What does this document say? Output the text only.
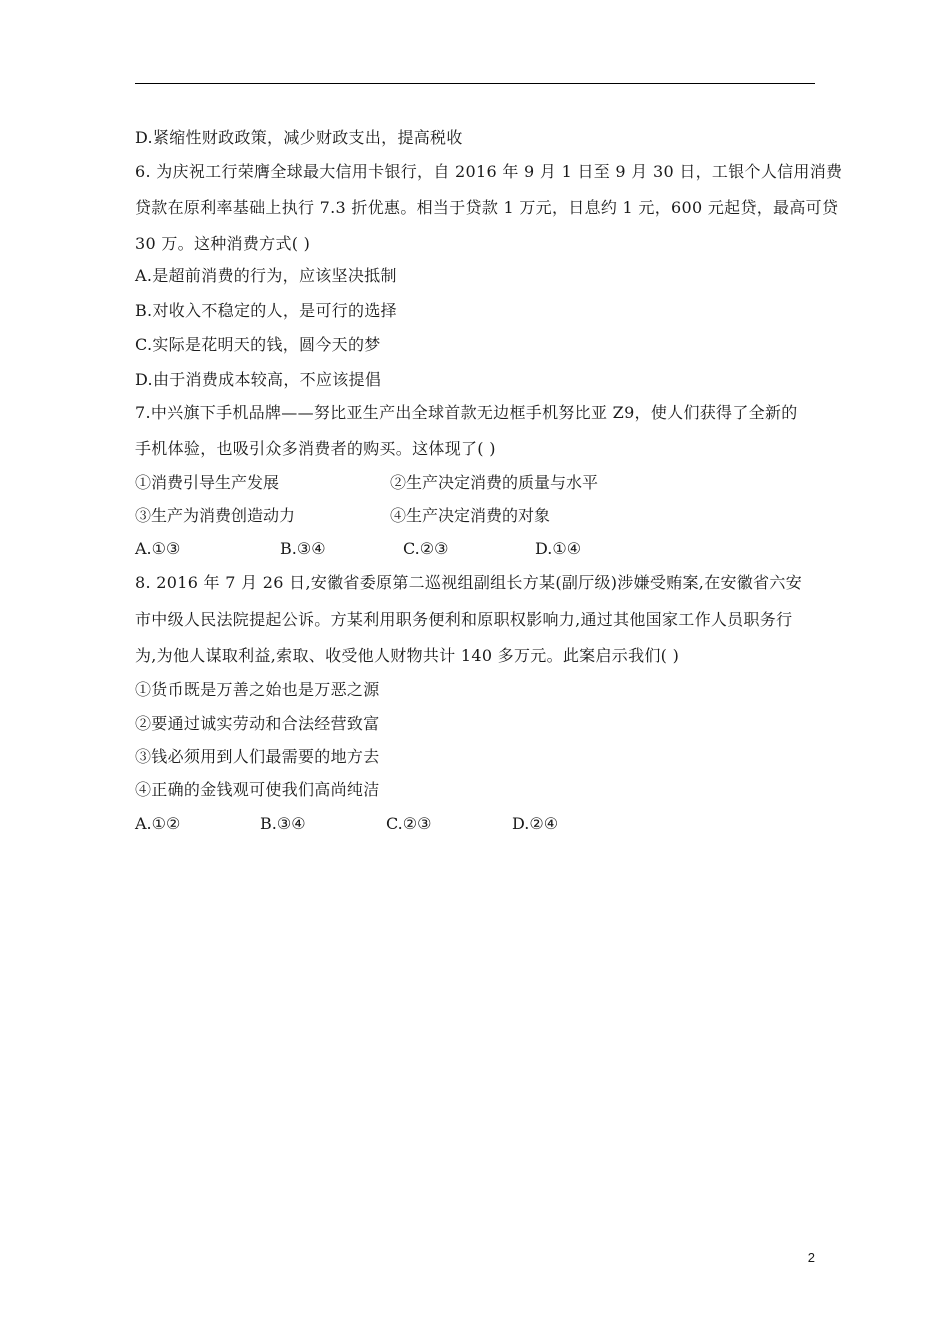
D.紧缩性财政政策，减少财政支出，提高税收
6. 为庆祝工行荣膺全球最大信用卡银行，自 2016 年 9 月 1 日至 9 月 30 日，工银个人信用消费
贷款在原利率基础上执行 7.3 折优惠。相当于贷款 1 万元，日息约 1 元，600 元起贷，最高可贷
30 万。这种消费方式( )
A.是超前消费的行为，应该坚决抵制
B.对收入不稳定的人，是可行的选择
C.实际是花明天的钱，圆今天的梦
D.由于消费成本较高，不应该提倡
7.中兴旗下手机品牌——努比亚生产出全球首款无边框手机努比亚 Z9，使人们获得了全新的
手机体验，也吸引众多消费者的购买。这体现了( )
①消费引导生产发展	②生产决定消费的质量与水平
③生产为消费创造动力	④生产决定消费的对象
A.①③	B.③④	C.②③	D.①④
8. 2016 年 7 月 26 日,安徽省委原第二巡视组副组长方某(副厅级)涉嫌受贿案,在安徽省六安
市中级人民法院提起公诉。方某利用职务便利和原职权影响力,通过其他国家工作人员职务行
为,为他人谋取利益,索取、收受他人财物共计 140 多万元。此案启示我们( )
①货币既是万善之始也是万恶之源
②要通过诚实劳动和合法经营致富
③钱必须用到人们最需要的地方去
④正确的金钱观可使我们高尚纯洁
A.①②	B.③④	C.②③	D.②④
2
